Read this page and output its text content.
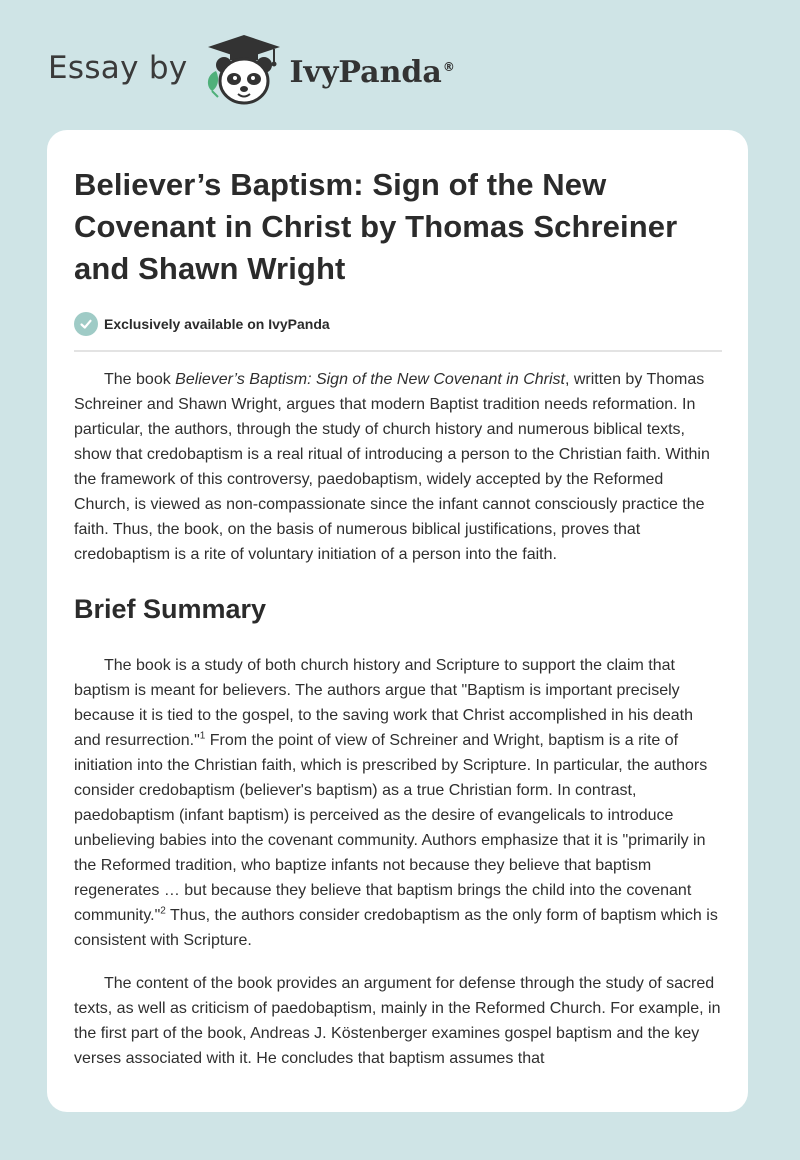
Essay by	IvyPanda®
Believer’s Baptism: Sign of the New Covenant in Christ by Thomas Schreiner and Shawn Wright
Exclusively available on IvyPanda

The book Believer’s Baptism: Sign of the New Covenant in Christ, written by Thomas Schreiner and Shawn Wright, argues that modern Baptist tradition needs reformation. In particular, the authors, through the study of church history and numerous biblical texts, show that credobaptism is a real ritual of introducing a person to the Christian faith. Within the framework of this controversy, paedobaptism, widely accepted by the Reformed Church, is viewed as non-compassionate since the infant cannot consciously practice the faith. Thus, the book, on the basis of numerous biblical justifications, proves that credobaptism is a rite of voluntary initiation of a person into the faith.

Brief Summary

The book is a study of both church history and Scripture to support the claim that baptism is meant for believers. The authors argue that "Baptism is important precisely because it is tied to the gospel, to the saving work that Christ accomplished in his death and resurrection."$^1$ From the point of view of Schreiner and Wright, baptism is a rite of initiation into the Christian faith, which is prescribed by Scripture. In particular, the authors consider credobaptism (believer's baptism) as a true Christian form. In contrast, paedobaptism (infant baptism) is perceived as the desire of evangelicals to introduce unbelieving babies into the covenant community. Authors emphasize that it is "primarily in the Reformed tradition, who baptize infants not because they believe that baptism regenerates … but because they believe that baptism brings the child into the covenant community."$^2$ Thus, the authors consider credobaptism as the only form of baptism which is consistent with Scripture.

The content of the book provides an argument for defense through the study of sacred texts, as well as criticism of paedobaptism, mainly in the Reformed Church. For example, in the first part of the book, Andreas J. Köstenberger examines gospel baptism and the key verses associated with it. He concludes that baptism assumes that
